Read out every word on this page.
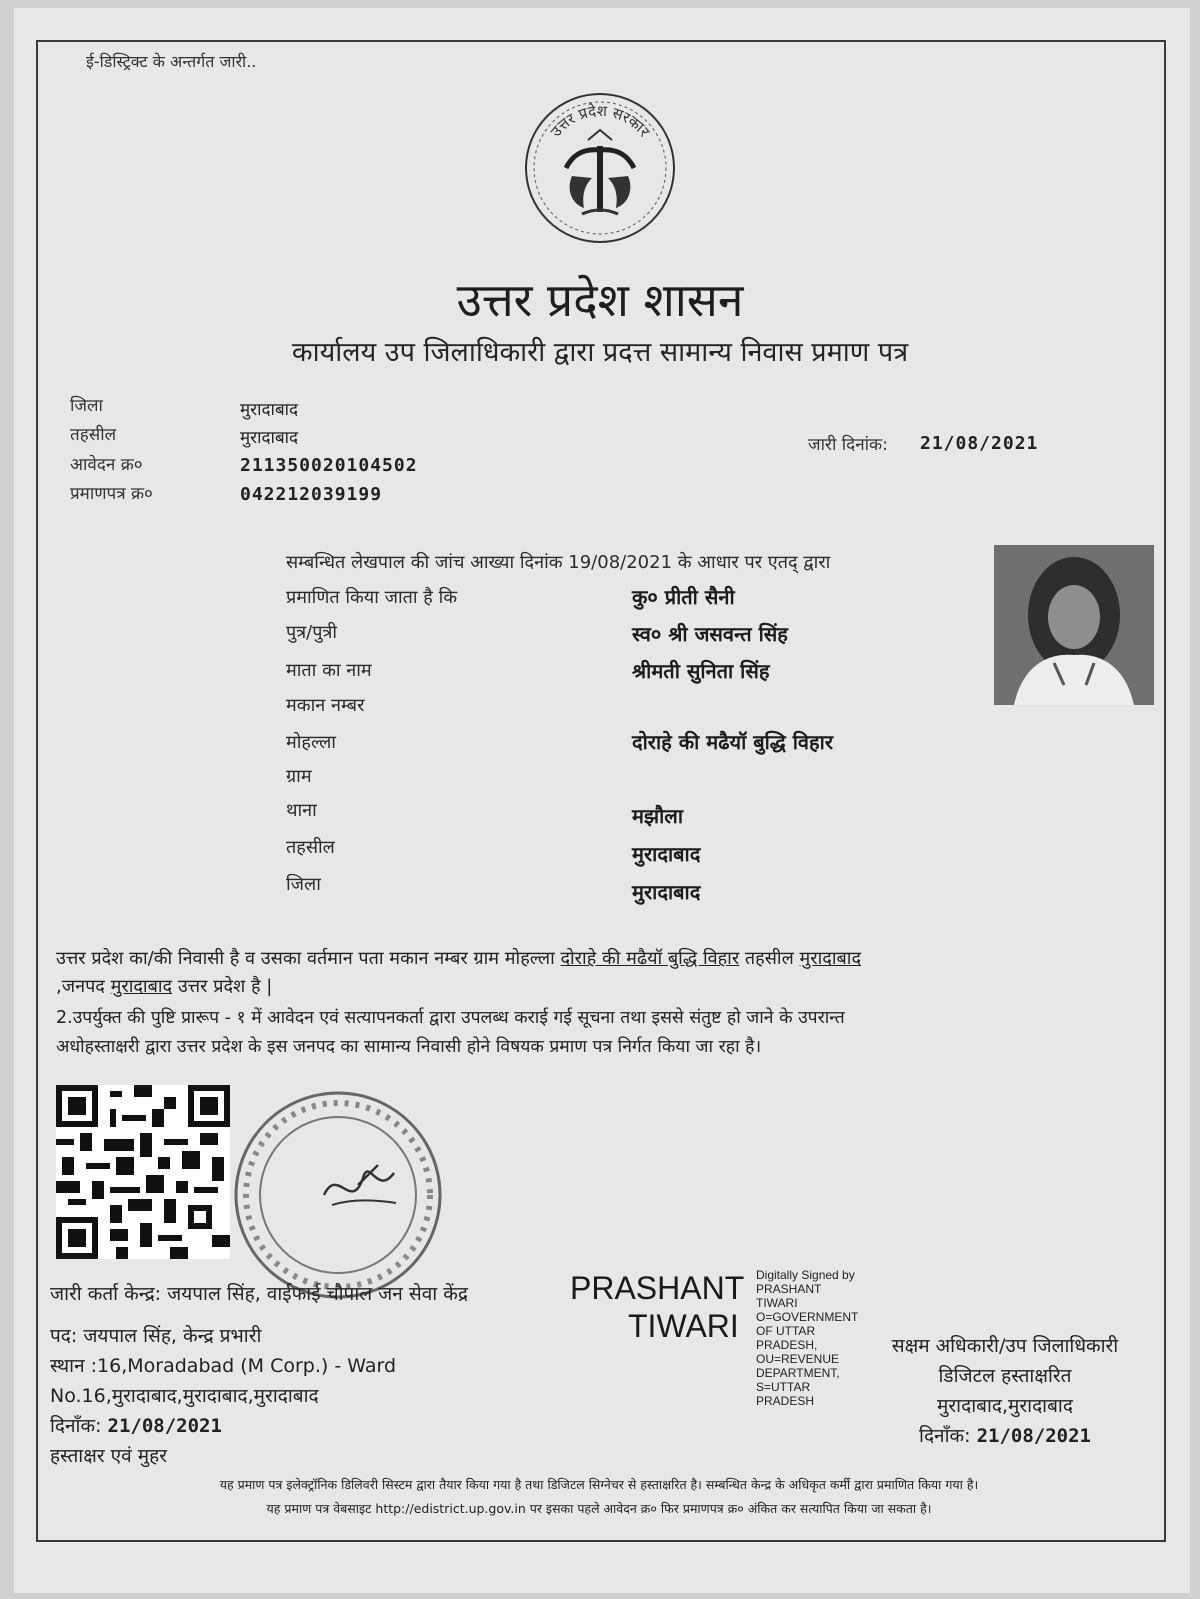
ई-डिस्ट्रिक्ट के अन्तर्गत जारी..
उत्तर प्रदेश सरकार
उत्तर प्रदेश शासन
कार्यालय उप जिलाधिकारी द्वारा प्रदत्त सामान्य निवास प्रमाण पत्र
जिला	मुरादाबाद
तहसील	मुरादाबाद
आवेदन क्र०	211350020104502
प्रमाणपत्र क्र०	042212039199
जारी दिनांक: 21/08/2021
सम्बन्धित लेखपाल की जांच आख्या दिनांक 19/08/2021 के आधार पर एतद् द्वारा
प्रमाणित किया जाता है कि	कु० प्रीती सैनी
पुत्र/पुत्री	स्व० श्री जसवन्त सिंह
माता का नाम	श्रीमती सुनिता सिंह
मकान नम्बर
मोहल्ला	दोराहे की मढैयॉ बुद्धि विहार
ग्राम
थाना	मझौला
तहसील	मुरादाबाद
जिला	मुरादाबाद
उत्तर प्रदेश का/की निवासी है व उसका वर्तमान पता मकान नम्बर ग्राम मोहल्ला दोराहे की मढैयॉ बुद्धि विहार तहसील मुरादाबाद
,जनपद मुरादाबाद उत्तर प्रदेश है |
2.उपर्युक्त की पुष्टि प्रारूप - १ में आवेदन एवं सत्यापनकर्ता द्वारा उपलब्ध कराई गई सूचना तथा इससे संतुष्ट हो जाने के उपरान्त
अधोहस्ताक्षरी द्वारा उत्तर प्रदेश के इस जनपद का सामान्य निवासी होने विषयक प्रमाण पत्र निर्गत किया जा रहा है।
जारी कर्ता केन्द्र: जयपाल सिंह, वाईफाई चौपाल जन सेवा केंद्र
पद: जयपाल सिंह, केन्द्र प्रभारी
स्थान :16,Moradabad (M Corp.) - Ward
No.16,मुरादाबाद,मुरादाबाद,मुरादाबाद
दिनाँक: 21/08/2021
हस्ताक्षर एवं मुहर
PRASHANT
TIWARI
Digitally Signed by
PRASHANT
TIWARI
O=GOVERNMENT
OF UTTAR
PRADESH,
OU=REVENUE
DEPARTMENT,
S=UTTAR
PRADESH
सक्षम अधिकारी/उप जिलाधिकारी
डिजिटल हस्ताक्षरित
मुरादाबाद,मुरादाबाद
दिनाँक: 21/08/2021
यह प्रमाण पत्र इलेक्ट्रॉनिक डिलिवरी सिस्टम द्वारा तैयार किया गया है तथा डिजिटल सिग्नेचर से हस्ताक्षरित है। सम्बन्धित केन्द्र के अधिकृत कर्मी द्वारा प्रमाणित किया गया है।
यह प्रमाण पत्र वेबसाइट http://edistrict.up.gov.in पर इसका पहले आवेदन क्र० फिर प्रमाणपत्र क्र० अंकित कर सत्यापित किया जा सकता है।
